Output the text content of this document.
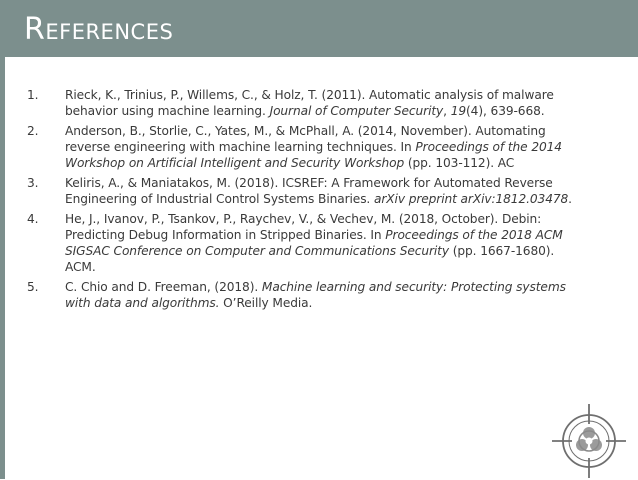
References
1. Rieck, K., Trinius, P., Willems, C., & Holz, T. (2011). Automatic analysis of malware behavior using machine learning. Journal of Computer Security, 19(4), 639-668.
2. Anderson, B., Storlie, C., Yates, M., & McPhall, A. (2014, November). Automating reverse engineering with machine learning techniques. In Proceedings of the 2014 Workshop on Artificial Intelligent and Security Workshop (pp. 103-112). AC
3. Keliris, A., & Maniatakos, M. (2018). ICSREF: A Framework for Automated Reverse Engineering of Industrial Control Systems Binaries. arXiv preprint arXiv:1812.03478.
4. He, J., Ivanov, P., Tsankov, P., Raychev, V., & Vechev, M. (2018, October). Debin: Predicting Debug Information in Stripped Binaries. In Proceedings of the 2018 ACM SIGSAC Conference on Computer and Communications Security (pp. 1667-1680). ACM.
5. C. Chio and D. Freeman, (2018). Machine learning and security: Protecting systems with data and algorithms. O’Reilly Media.
